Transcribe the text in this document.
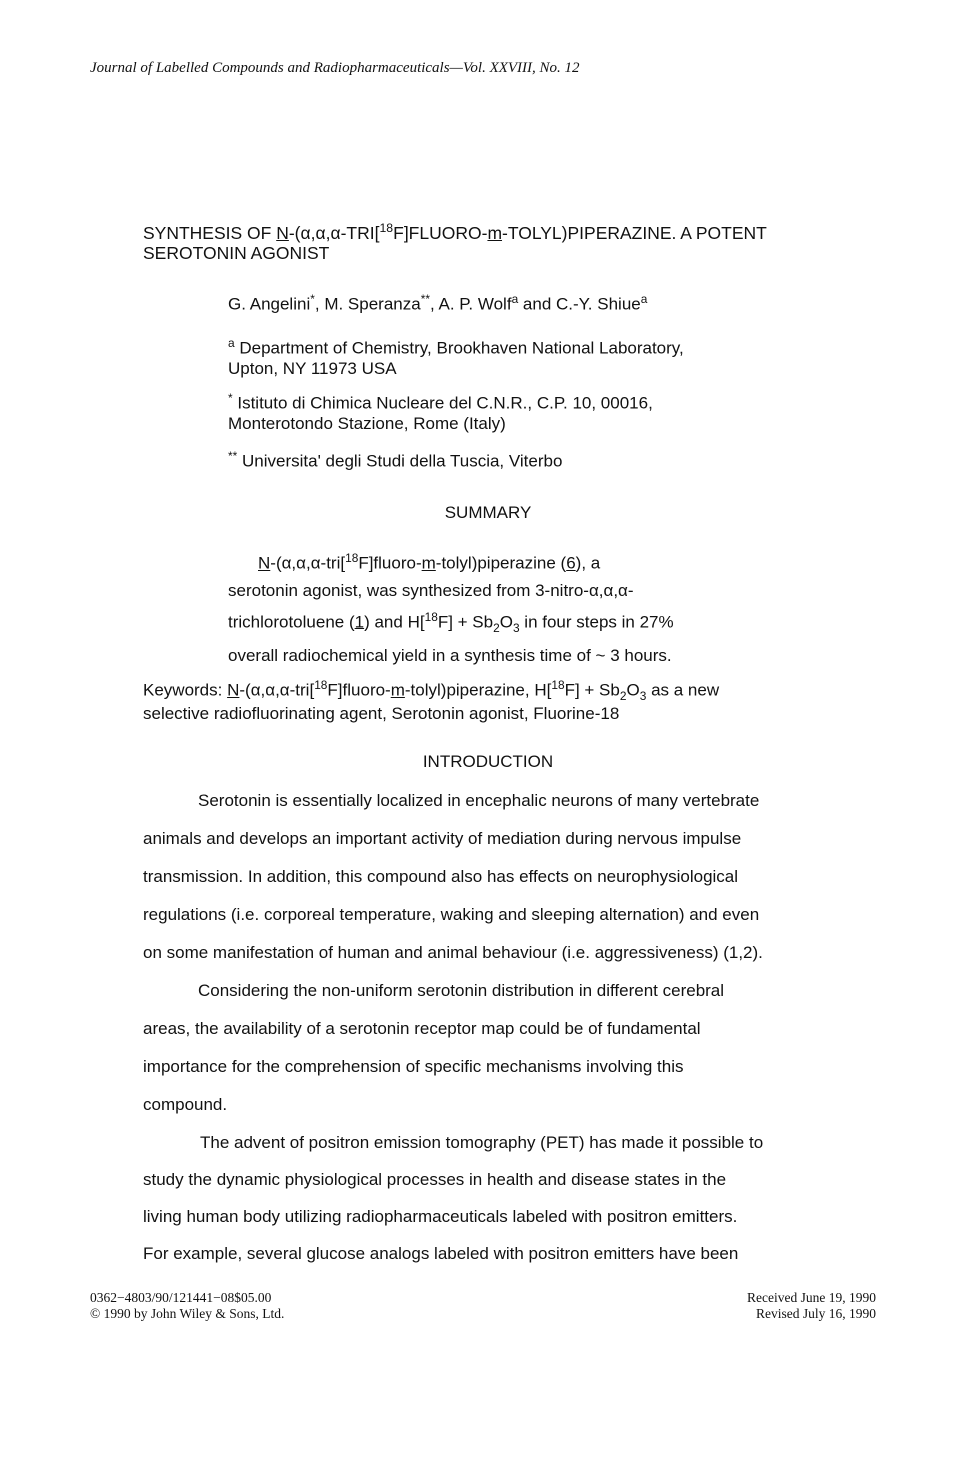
Journal of Labelled Compounds and Radiopharmaceuticals—Vol. XXVIII, No. 12
SYNTHESIS OF N-(α,α,α-TRI[$^{18}$F]FLUORO-m-TOLYL)PIPERAZINE. A POTENT
SEROTONIN AGONIST
G. Angelini*, M. Speranza**, A. P. Wolf$^a$ and C.-Y. Shiue$^a$
$^a$ Department of Chemistry, Brookhaven National Laboratory,
Upton, NY 11973 USA
* Istituto di Chimica Nucleare del C.N.R., C.P. 10, 00016,
Monterotondo Stazione, Rome (Italy)
** Universita' degli Studi della Tuscia, Viterbo
SUMMARY
N-(α,α,α-tri[$^{18}$F]fluoro-m-tolyl)piperazine (6), a
serotonin agonist, was synthesized from 3-nitro-α,α,α-
trichlorotoluene (1) and $H[^{18}F] + Sb_2O_3$ in four steps in 27%
overall radiochemical yield in a synthesis time of ~ 3 hours.
Keywords: N-(α,α,α-tri[$^{18}$F]fluoro-m-tolyl)piperazine, $H[^{18}F] + Sb_2O_3$ as a new
selective radiofluorinating agent, Serotonin agonist, Fluorine-18
INTRODUCTION
Serotonin is essentially localized in encephalic neurons of many vertebrate
animals and develops an important activity of mediation during nervous impulse
transmission. In addition, this compound also has effects on neurophysiological
regulations (i.e. corporeal temperature, waking and sleeping alternation) and even
on some manifestation of human and animal behaviour (i.e. aggressiveness) (1,2).
Considering the non-uniform serotonin distribution in different cerebral
areas, the availability of a serotonin receptor map could be of fundamental
importance for the comprehension of specific mechanisms involving this
compound.
The advent of positron emission tomography (PET) has made it possible to
study the dynamic physiological processes in health and disease states in the
living human body utilizing radiopharmaceuticals labeled with positron emitters.
For example, several glucose analogs labeled with positron emitters have been
0362−4803/90/121441−08$05.00
© 1990 by John Wiley & Sons, Ltd.
Received June 19, 1990
Revised July 16, 1990
